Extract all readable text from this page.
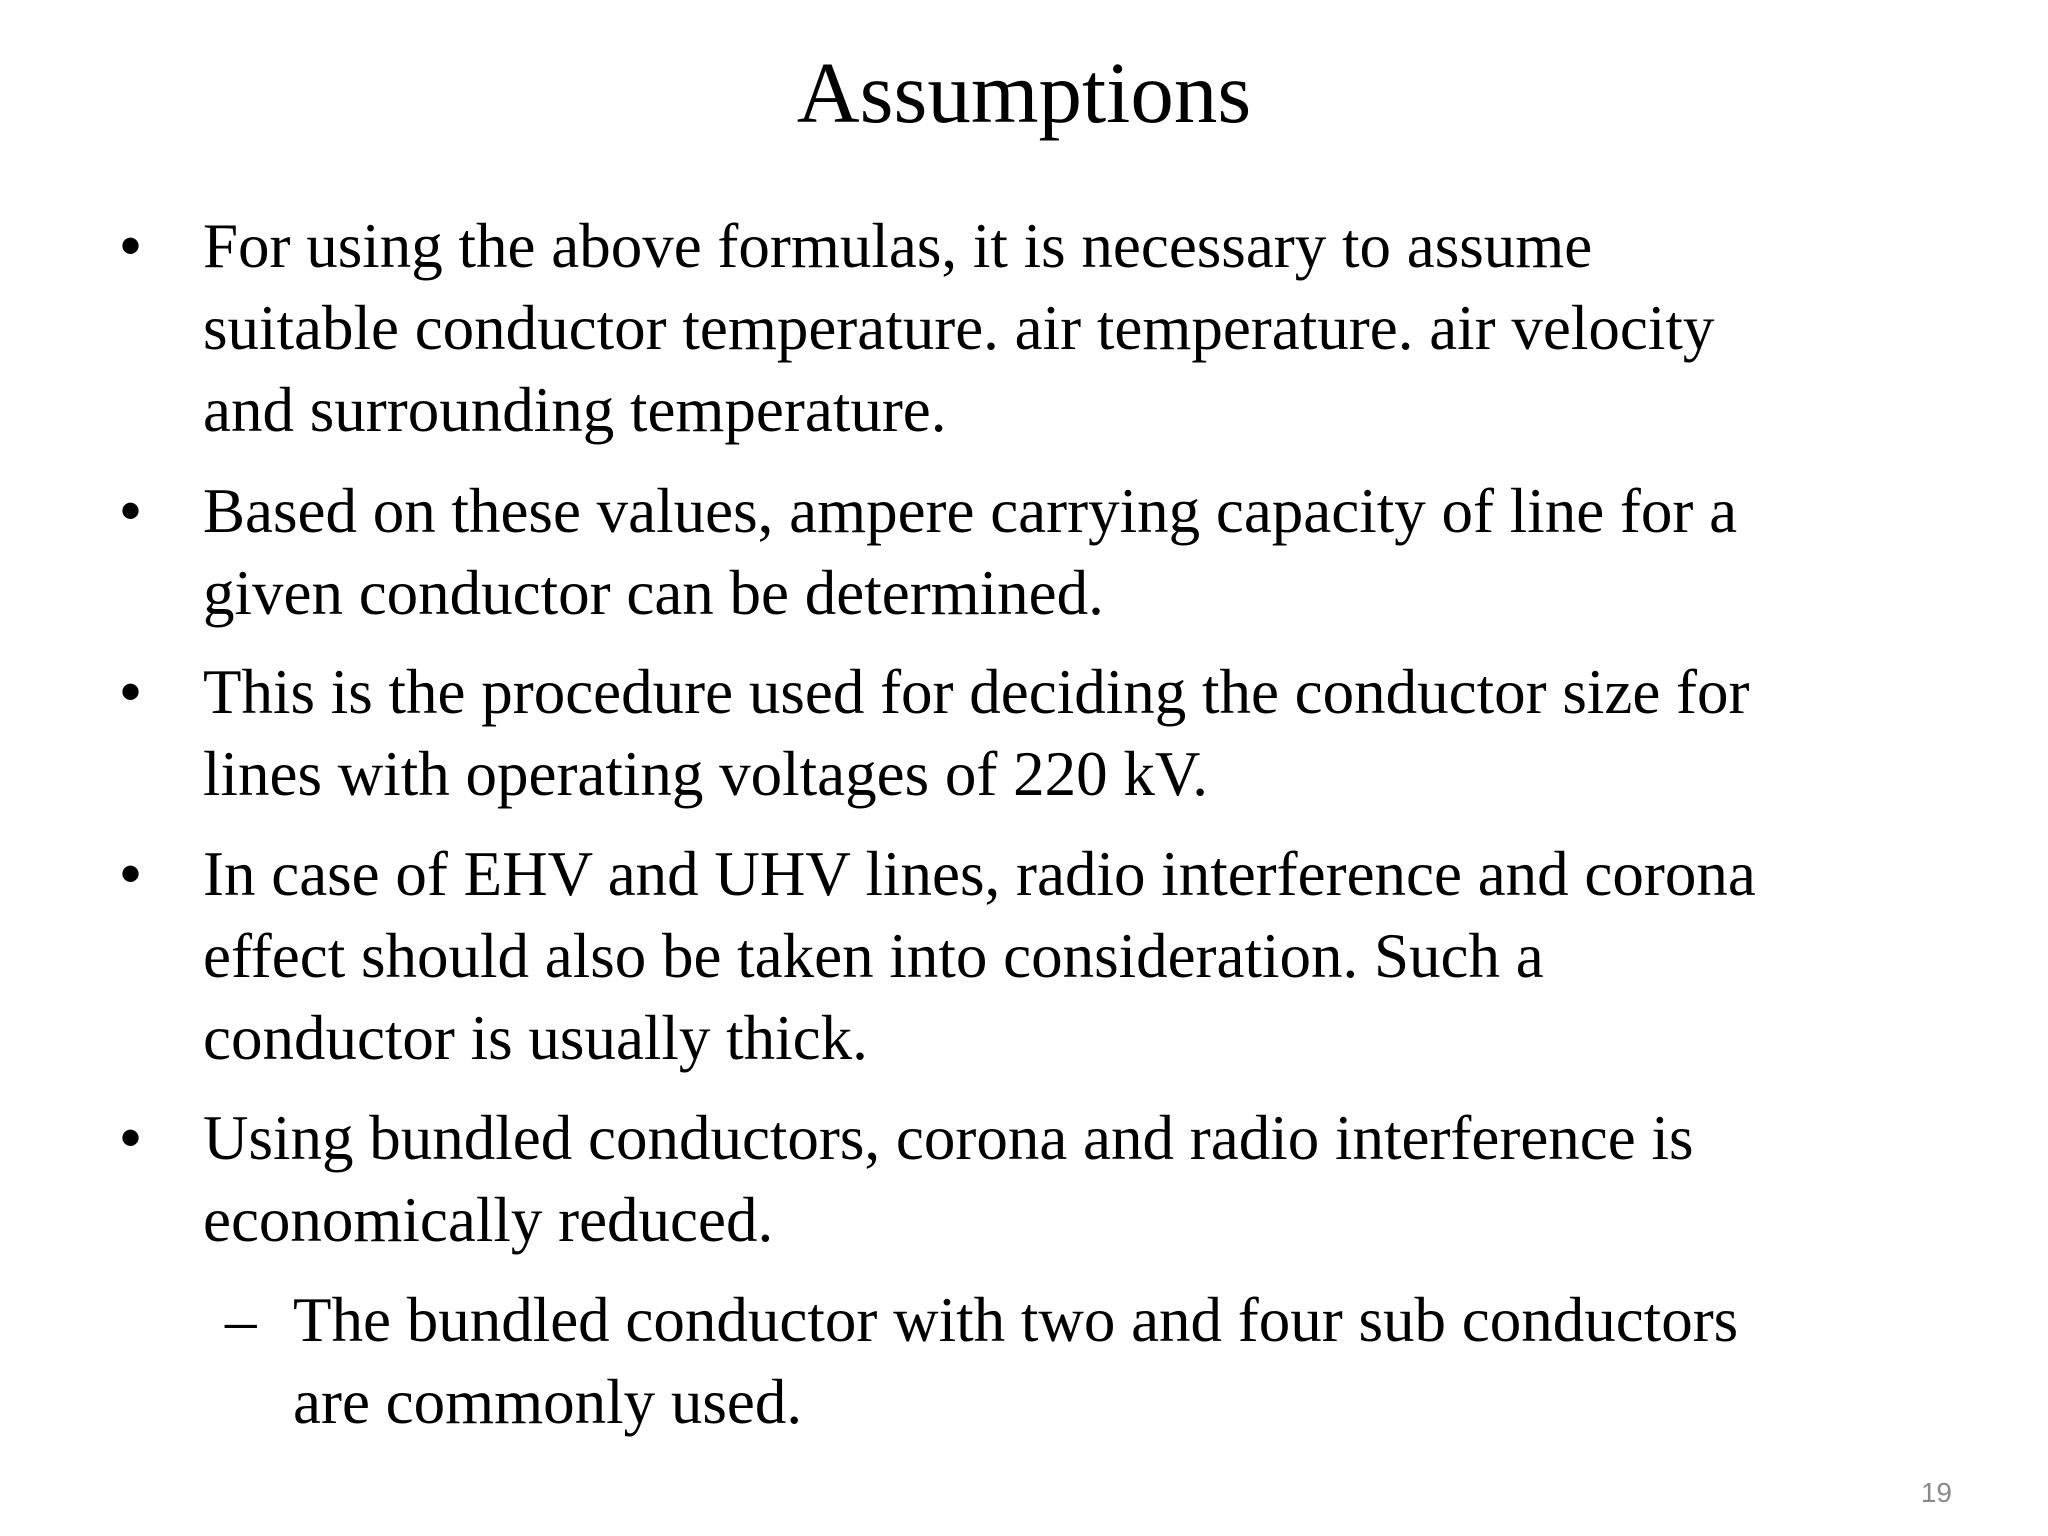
Assumptions
• For using the above formulas, it is necessary to assume
suitable conductor temperature. air temperature. air velocity
and surrounding temperature.
• Based on these values, ampere carrying capacity of line for a
given conductor can be determined.
• This is the procedure used for deciding the conductor size for
lines with operating voltages of 220 kV.
• In case of EHV and UHV lines, radio interference and corona
effect should also be taken into consideration. Such a
conductor is usually thick.
• Using bundled conductors, corona and radio interference is
economically reduced.
– The bundled conductor with two and four sub conductors
are commonly used.
19
